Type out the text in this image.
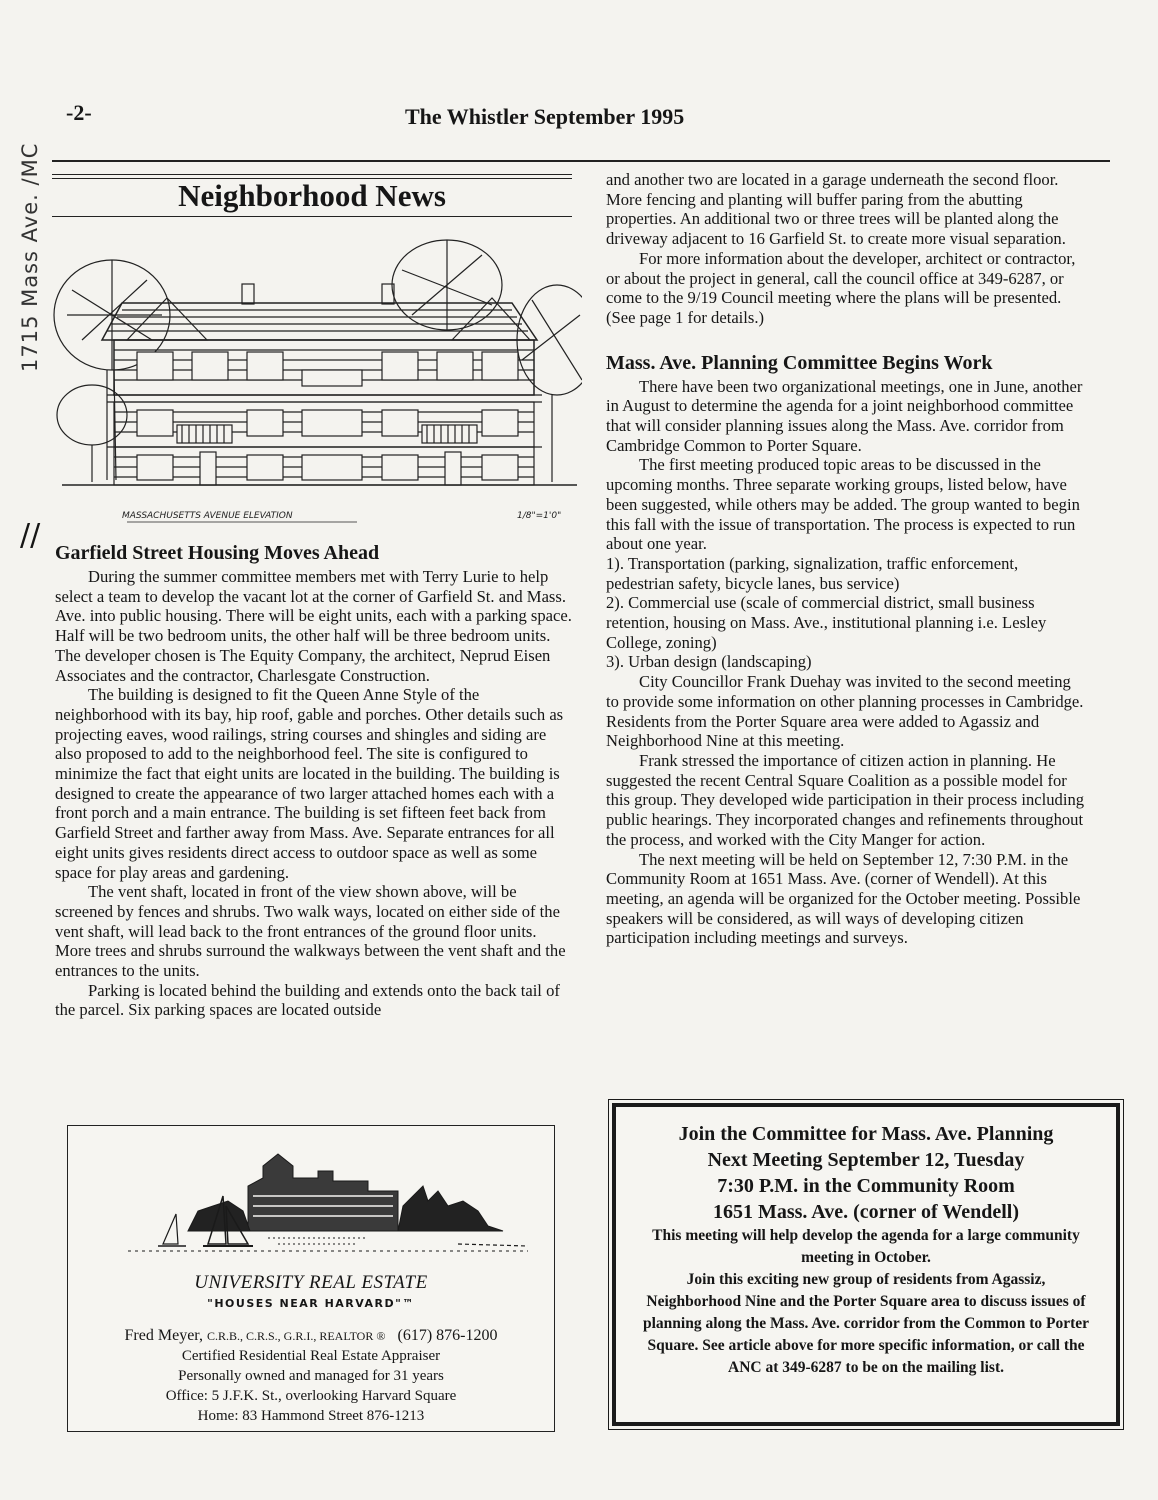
1715 Mass Ave. /MC
-2-	The Whistler September 1995
Neighborhood News
MASSACHUSETTS AVENUE ELEVATION	1/8"=1'0"
// Garfield Street Housing Moves Ahead

During the summer committee members met with Terry Lurie to help select a team to develop the vacant lot at the corner of Garfield St. and Mass. Ave. into public housing. There will be eight units, each with a parking space. Half will be two bedroom units, the other half will be three bedroom units. The developer chosen is The Equity Company, the architect, Neprud Eisen Associates and the contractor, Charlesgate Construction.

The building is designed to fit the Queen Anne Style of the neighborhood with its bay, hip roof, gable and porches. Other details such as projecting eaves, wood railings, string courses and shingles and siding are also proposed to add to the neighborhood feel. The site is configured to minimize the fact that eight units are located in the building. The building is designed to create the appearance of two larger attached homes each with a front porch and a main entrance. The building is set fifteen feet back from Garfield Street and farther away from Mass. Ave. Separate entrances for all eight units gives residents direct access to outdoor space as well as some space for play areas and gardening.

The vent shaft, located in front of the view shown above, will be screened by fences and shrubs. Two walk ways, located on either side of the vent shaft, will lead back to the front entrances of the ground floor units. More trees and shrubs surround the walkways between the vent shaft and the entrances to the units.

Parking is located behind the building and extends onto the back tail of the parcel. Six parking spaces are located outside

and another two are located in a garage underneath the second floor. More fencing and planting will buffer paring from the abutting properties. An additional two or three trees will be planted along the driveway adjacent to 16 Garfield St. to create more visual separation.

For more information about the developer, architect or contractor, or about the project in general, call the council office at 349-6287, or come to the 9/19 Council meeting where the plans will be presented. (See page 1 for details.)

Mass. Ave. Planning Committee Begins Work

There have been two organizational meetings, one in June, another in August to determine the agenda for a joint neighborhood committee that will consider planning issues along the Mass. Ave. corridor from Cambridge Common to Porter Square.

The first meeting produced topic areas to be discussed in the upcoming months. Three separate working groups, listed below, have been suggested, while others may be added. The group wanted to begin this fall with the issue of transportation. The process is expected to run about one year.

1). Transportation (parking, signalization, traffic enforcement, pedestrian safety, bicycle lanes, bus service)

2). Commercial use (scale of commercial district, small business retention, housing on Mass. Ave., institutional planning i.e. Lesley College, zoning)

3). Urban design (landscaping)

City Councillor Frank Duehay was invited to the second meeting to provide some information on other planning processes in Cambridge. Residents from the Porter Square area were added to Agassiz and Neighborhood Nine at this meeting.

Frank stressed the importance of citizen action in planning. He suggested the recent Central Square Coalition as a possible model for this group. They developed wide participation in their process including public hearings. They incorporated changes and refinements throughout the process, and worked with the City Manger for action.

The next meeting will be held on September 12, 7:30 P.M. in the Community Room at 1651 Mass. Ave. (corner of Wendell). At this meeting, an agenda will be organized for the October meeting. Possible speakers will be considered, as will ways of developing citizen participation including meetings and surveys.

UNIVERSITY REAL ESTATE
"HOUSES NEAR HARVARD"™
Fred Meyer, C.R.B., C.R.S., G.R.I., REALTOR ® (617) 876-1200
Certified Residential Real Estate Appraiser
Personally owned and managed for 31 years
Office: 5 J.F.K. St., overlooking Harvard Square
Home: 83 Hammond Street 876-1213
Join the Committee for Mass. Ave. Planning
Next Meeting September 12, Tuesday
7:30 P.M. in the Community Room
1651 Mass. Ave. (corner of Wendell)
This meeting will help develop the agenda for a large community meeting in October.
Join this exciting new group of residents from Agassiz, Neighborhood Nine and the Porter Square area to discuss issues of planning along the Mass. Ave. corridor from the Common to Porter Square. See article above for more specific information, or call the ANC at 349-6287 to be on the mailing list.
